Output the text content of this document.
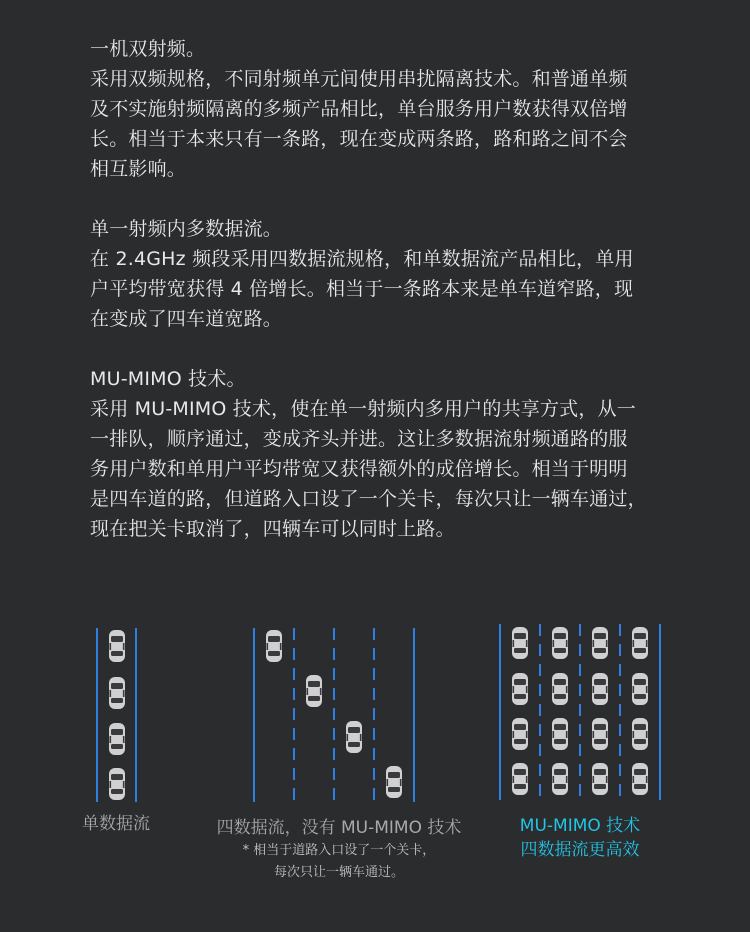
一机双射频。

采用双频规格，不同射频单元间使用串扰隔离技术。和普通单频

及不实施射频隔离的多频产品相比，单台服务用户数获得双倍增

长。相当于本来只有一条路，现在变成两条路，路和路之间不会

相互影响。

单一射频内多数据流。

在 2.4GHz 频段采用四数据流规格，和单数据流产品相比，单用

户平均带宽获得 4 倍增长。相当于一条路本来是单车道窄路，现

在变成了四车道宽路。

MU-MIMO 技术。

采用 MU-MIMO 技术，使在单一射频内多用户的共享方式，从一

一排队，顺序通过，变成齐头并进。这让多数据流射频通路的服

务用户数和单用户平均带宽又获得额外的成倍增长。相当于明明

是四车道的路，但道路入口设了一个关卡，每次只让一辆车通过，

现在把关卡取消了，四辆车可以同时上路。

单数据流	四数据流，没有 MU-MIMO 技术
* 相当于道路入口设了一个关卡，
每次只让一辆车通过。
MU-MIMO 技术
四数据流更高效
